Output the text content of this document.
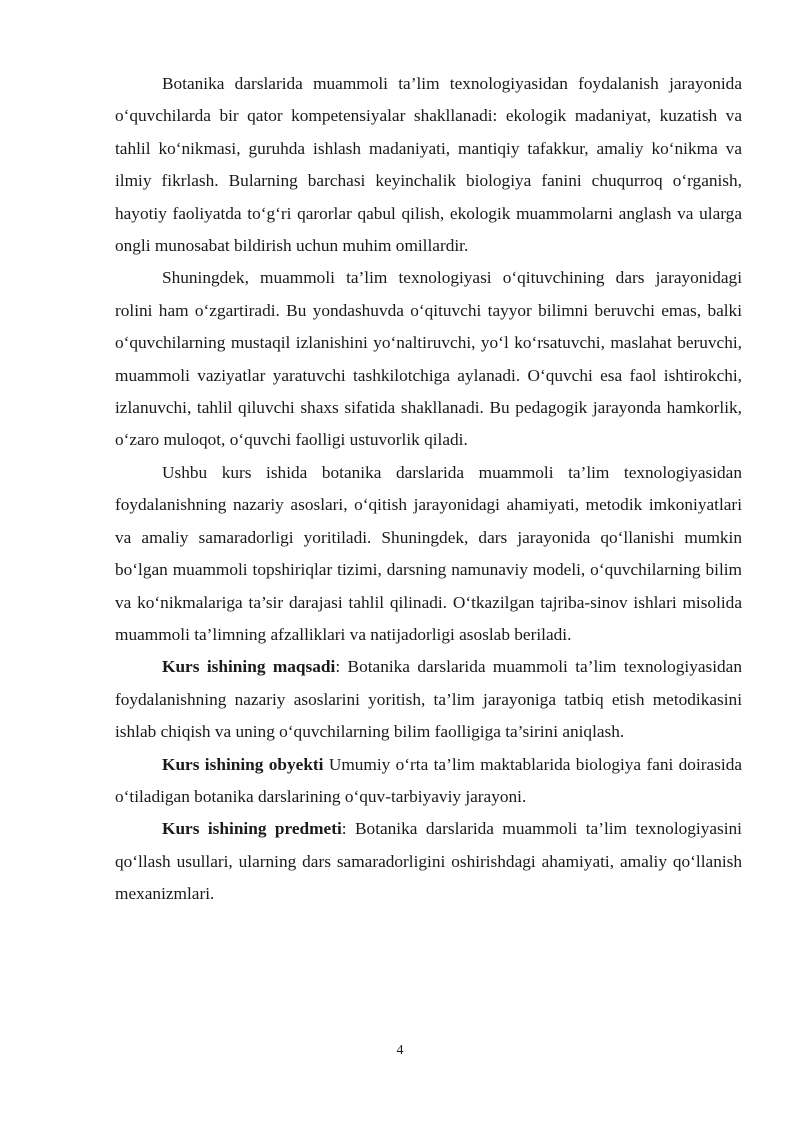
Botanika darslarida muammoli ta’lim texnologiyasidan foydalanish jarayonida o‘quvchilarda bir qator kompetensiyalar shakllanadi: ekologik madaniyat, kuzatish va tahlil ko‘nikmasi, guruhda ishlash madaniyati, mantiqiy tafakkur, amaliy ko‘nikma va ilmiy fikrlash. Bularning barchasi keyinchalik biologiya fanini chuqurroq o‘rganish, hayotiy faoliyatda to‘g‘ri qarorlar qabul qilish, ekologik muammolarni anglash va ularga ongli munosabat bildirish uchun muhim omillardir.

Shuningdek, muammoli ta’lim texnologiyasi o‘qituvchining dars jarayonidagi rolini ham o‘zgartiradi. Bu yondashuvda o‘qituvchi tayyor bilimni beruvchi emas, balki o‘quvchilarning mustaqil izlanishini yo‘naltiruvchi, yo‘l ko‘rsatuvchi, maslahat beruvchi, muammoli vaziyatlar yaratuvchi tashkilotchiga aylanadi. O‘quvchi esa faol ishtirokchi, izlanuvchi, tahlil qiluvchi shaxs sifatida shakllanadi. Bu pedagogik jarayonda hamkorlik, o‘zaro muloqot, o‘quvchi faolligi ustuvorlik qiladi.

Ushbu kurs ishida botanika darslarida muammoli ta’lim texnologiyasidan foydalanishning nazariy asoslari, o‘qitish jarayonidagi ahamiyati, metodik imkoniyatlari va amaliy samaradorligi yoritiladi. Shuningdek, dars jarayonida qo‘llanishi mumkin bo‘lgan muammoli topshiriqlar tizimi, darsning namunaviy modeli, o‘quvchilarning bilim va ko‘nikmalariga ta’sir darajasi tahlil qilinadi. O‘tkazilgan tajriba-sinov ishlari misolida muammoli ta’limning afzalliklari va natijadorligi asoslab beriladi.

Kurs ishining maqsadi: Botanika darslarida muammoli ta’lim texnologiyasidan foydalanishning nazariy asoslarini yoritish, ta’lim jarayoniga tatbiq etish metodikasini ishlab chiqish va uning o‘quvchilarning bilim faolligiga ta’sirini aniqlash.

Kurs ishining obyekti Umumiy o‘rta ta’lim maktablarida biologiya fani doirasida o‘tiladigan botanika darslarining o‘quv-tarbiyaviy jarayoni.

Kurs ishining predmeti: Botanika darslarida muammoli ta’lim texnologiyasini qo‘llash usullari, ularning dars samaradorligini oshirishdagi ahamiyati, amaliy qo‘llanish mexanizmlari.

4
